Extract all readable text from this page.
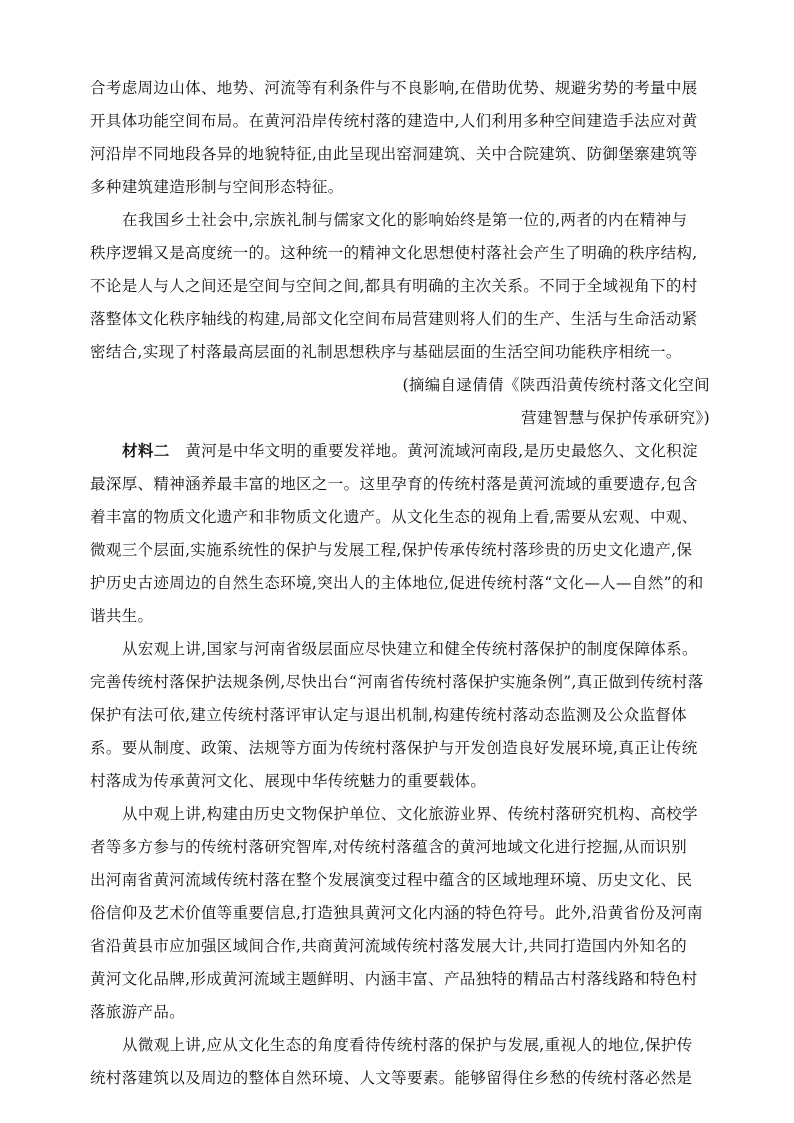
合考虑周边山体、地势、河流等有利条件与不良影响,在借助优势、规避劣势的考量中展
开具体功能空间布局。在黄河沿岸传统村落的建造中,人们利用多种空间建造手法应对黄
河沿岸不同地段各异的地貌特征,由此呈现出窑洞建筑、关中合院建筑、防御堡寨建筑等
多种建筑建造形制与空间形态特征。
在我国乡土社会中,宗族礼制与儒家文化的影响始终是第一位的,两者的内在精神与
秩序逻辑又是高度统一的。这种统一的精神文化思想使村落社会产生了明确的秩序结构,
不论是人与人之间还是空间与空间之间,都具有明确的主次关系。不同于全域视角下的村
落整体文化秩序轴线的构建,局部文化空间布局营建则将人们的生产、生活与生命活动紧
密结合,实现了村落最高层面的礼制思想秩序与基础层面的生活空间功能秩序相统一。
(摘编自逯倩倩《陕西沿黄传统村落文化空间
营建智慧与保护传承研究》)
材料二 黄河是中华文明的重要发祥地。黄河流域河南段,是历史最悠久、文化积淀
最深厚、精神涵养最丰富的地区之一。这里孕育的传统村落是黄河流域的重要遗存,包含
着丰富的物质文化遗产和非物质文化遗产。从文化生态的视角上看,需要从宏观、中观、
微观三个层面,实施系统性的保护与发展工程,保护传承传统村落珍贵的历史文化遗产,保
护历史古迹周边的自然生态环境,突出人的主体地位,促进传统村落“文化—人—自然”的和
谐共生。
从宏观上讲,国家与河南省级层面应尽快建立和健全传统村落保护的制度保障体系。
完善传统村落保护法规条例,尽快出台“河南省传统村落保护实施条例”,真正做到传统村落
保护有法可依,建立传统村落评审认定与退出机制,构建传统村落动态监测及公众监督体
系。要从制度、政策、法规等方面为传统村落保护与开发创造良好发展环境,真正让传统
村落成为传承黄河文化、展现中华传统魅力的重要载体。
从中观上讲,构建由历史文物保护单位、文化旅游业界、传统村落研究机构、高校学
者等多方参与的传统村落研究智库,对传统村落蕴含的黄河地域文化进行挖掘,从而识别
出河南省黄河流域传统村落在整个发展演变过程中蕴含的区域地理环境、历史文化、民
俗信仰及艺术价值等重要信息,打造独具黄河文化内涵的特色符号。此外,沿黄省份及河南
省沿黄县市应加强区域间合作,共商黄河流域传统村落发展大计,共同打造国内外知名的
黄河文化品牌,形成黄河流域主题鲜明、内涵丰富、产品独特的精品古村落线路和特色村
落旅游产品。
从微观上讲,应从文化生态的角度看待传统村落的保护与发展,重视人的地位,保护传
统村落建筑以及周边的整体自然环境、人文等要素。能够留得住乡愁的传统村落必然是
